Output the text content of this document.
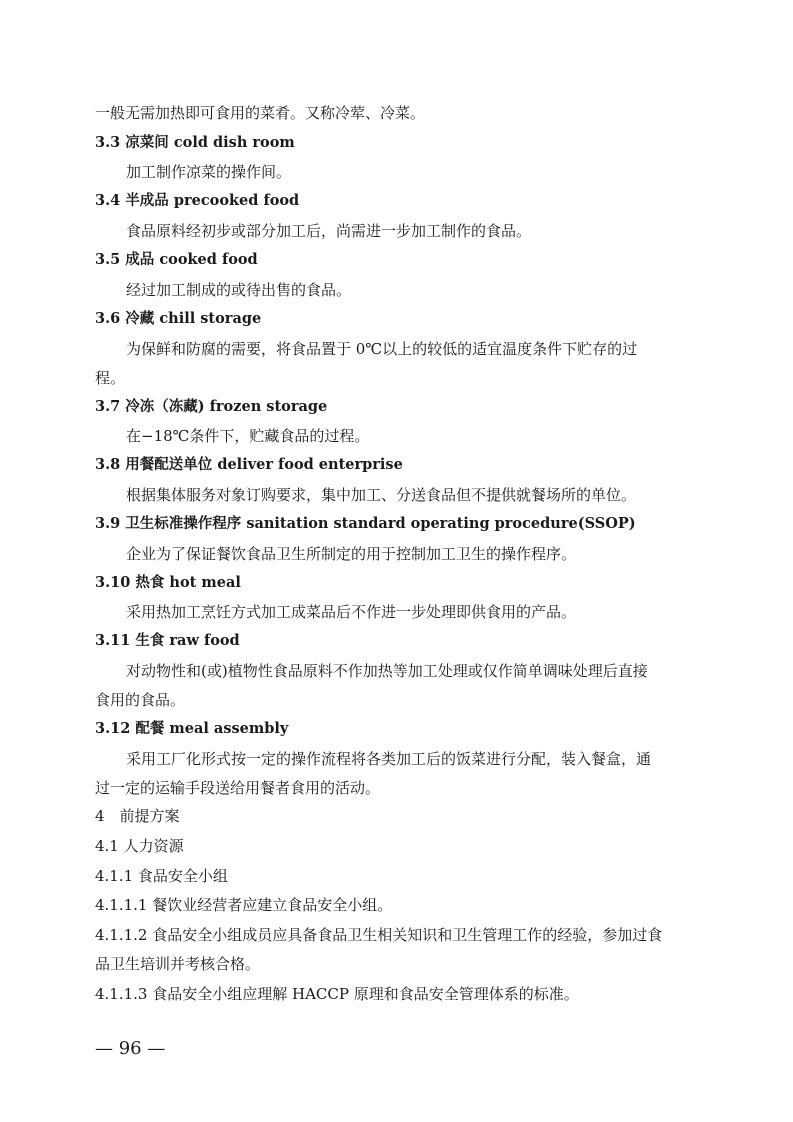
一般无需加热即可食用的菜肴。又称冷荤、冷菜。
3.3 凉菜间 cold dish room
加工制作凉菜的操作间。
3.4 半成品 precooked food
食品原料经初步或部分加工后，尚需进一步加工制作的食品。
3.5 成品 cooked food
经过加工制成的或待出售的食品。
3.6 冷藏 chill storage
为保鲜和防腐的需要，将食品置于 0℃以上的较低的适宜温度条件下贮存的过
程。
3.7 冷冻（冻藏) frozen storage
在−18℃条件下，贮藏食品的过程。
3.8 用餐配送单位 deliver food enterprise
根据集体服务对象订购要求，集中加工、分送食品但不提供就餐场所的单位。
3.9 卫生标准操作程序 sanitation standard operating procedure(SSOP)
企业为了保证餐饮食品卫生所制定的用于控制加工卫生的操作程序。
3.10 热食 hot meal
采用热加工烹饪方式加工成菜品后不作进一步处理即供食用的产品。
3.11 生食 raw food
对动物性和(或)植物性食品原料不作加热等加工处理或仅作简单调味处理后直接
食用的食品。
3.12 配餐 meal assembly
采用工厂化形式按一定的操作流程将各类加工后的饭菜进行分配，装入餐盒，通
过一定的运输手段送给用餐者食用的活动。
4　前提方案
4.1 人力资源
4.1.1 食品安全小组
4.1.1.1 餐饮业经营者应建立食品安全小组。
4.1.1.2 食品安全小组成员应具备食品卫生相关知识和卫生管理工作的经验，参加过食
品卫生培训并考核合格。
4.1.1.3 食品安全小组应理解 HACCP 原理和食品安全管理体系的标准。
— 96 —
